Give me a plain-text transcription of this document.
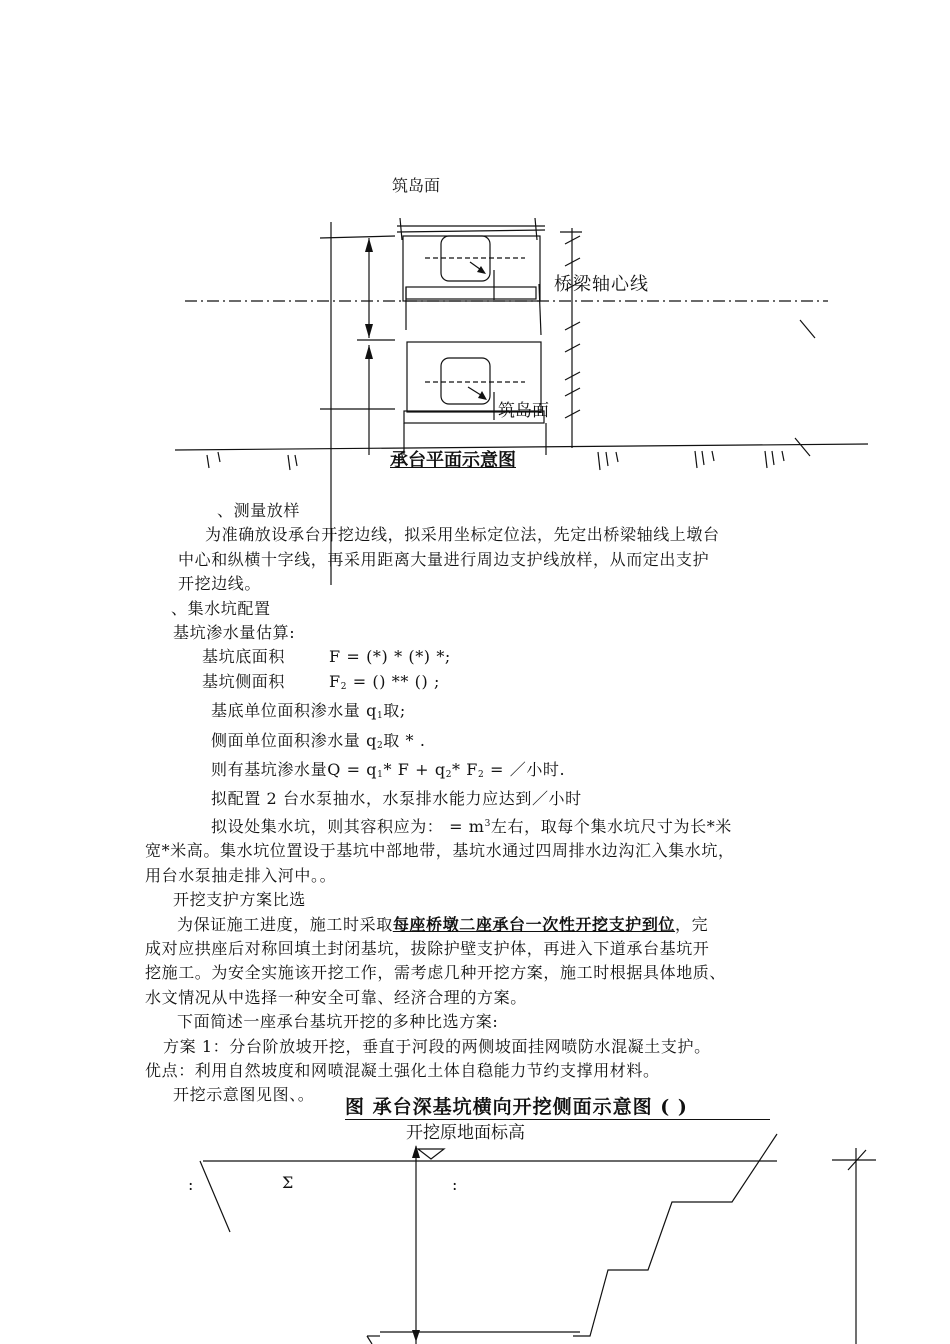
筑岛面
桥梁轴心线
筑岛面
承台平面示意图

、测量放样

为准确放设承台开挖边线，拟采用坐标定位法，先定出桥梁轴线上墩台

中心和纵横十字线，再采用距离大量进行周边支护线放样，从而定出支护

开挖边线。

、集水坑配置

基坑渗水量估算:

基坑底面积	F = (*) * (*) *;

基坑侧面积	$F_2$ = () ** () ;

基底单位面积渗水量 $q_1$取;

侧面单位面积渗水量 $q_2$取 * .

则有基坑渗水量$Q = q_1*$ $F + q_2*$ $F_2$ = ／小时.

拟配置 2 台水泵抽水，水泵排水能力应达到／小时

拟设处集水坑，则其容积应为： = $m^3$左右，取每个集水坑尺寸为长*米

宽*米高。集水坑位置设于基坑中部地带，基坑水通过四周排水边沟汇入集水坑，

用台水泵抽走排入河中。。

开挖支护方案比选

为保证施工进度，施工时采取每座桥墩二座承台一次性开挖支护到位，完

成对应拱座后对称回填土封闭基坑，拔除护壁支护体，再进入下道承台基坑开

挖施工。为安全实施该开挖工作，需考虑几种开挖方案，施工时根据具体地质、

水文情况从中选择一种安全可靠、经济合理的方案。

下面简述一座承台基坑开挖的多种比选方案:

方案 1：分台阶放坡开挖，垂直于河段的两侧坡面挂网喷防水混凝土支护。

优点：利用自然坡度和网喷混凝土强化土体自稳能力节约支撑用材料。

开挖示意图见图、。

图 承台深基坑横向开挖侧面示意图 ( )
开挖原地面标高
Σ
:	:
